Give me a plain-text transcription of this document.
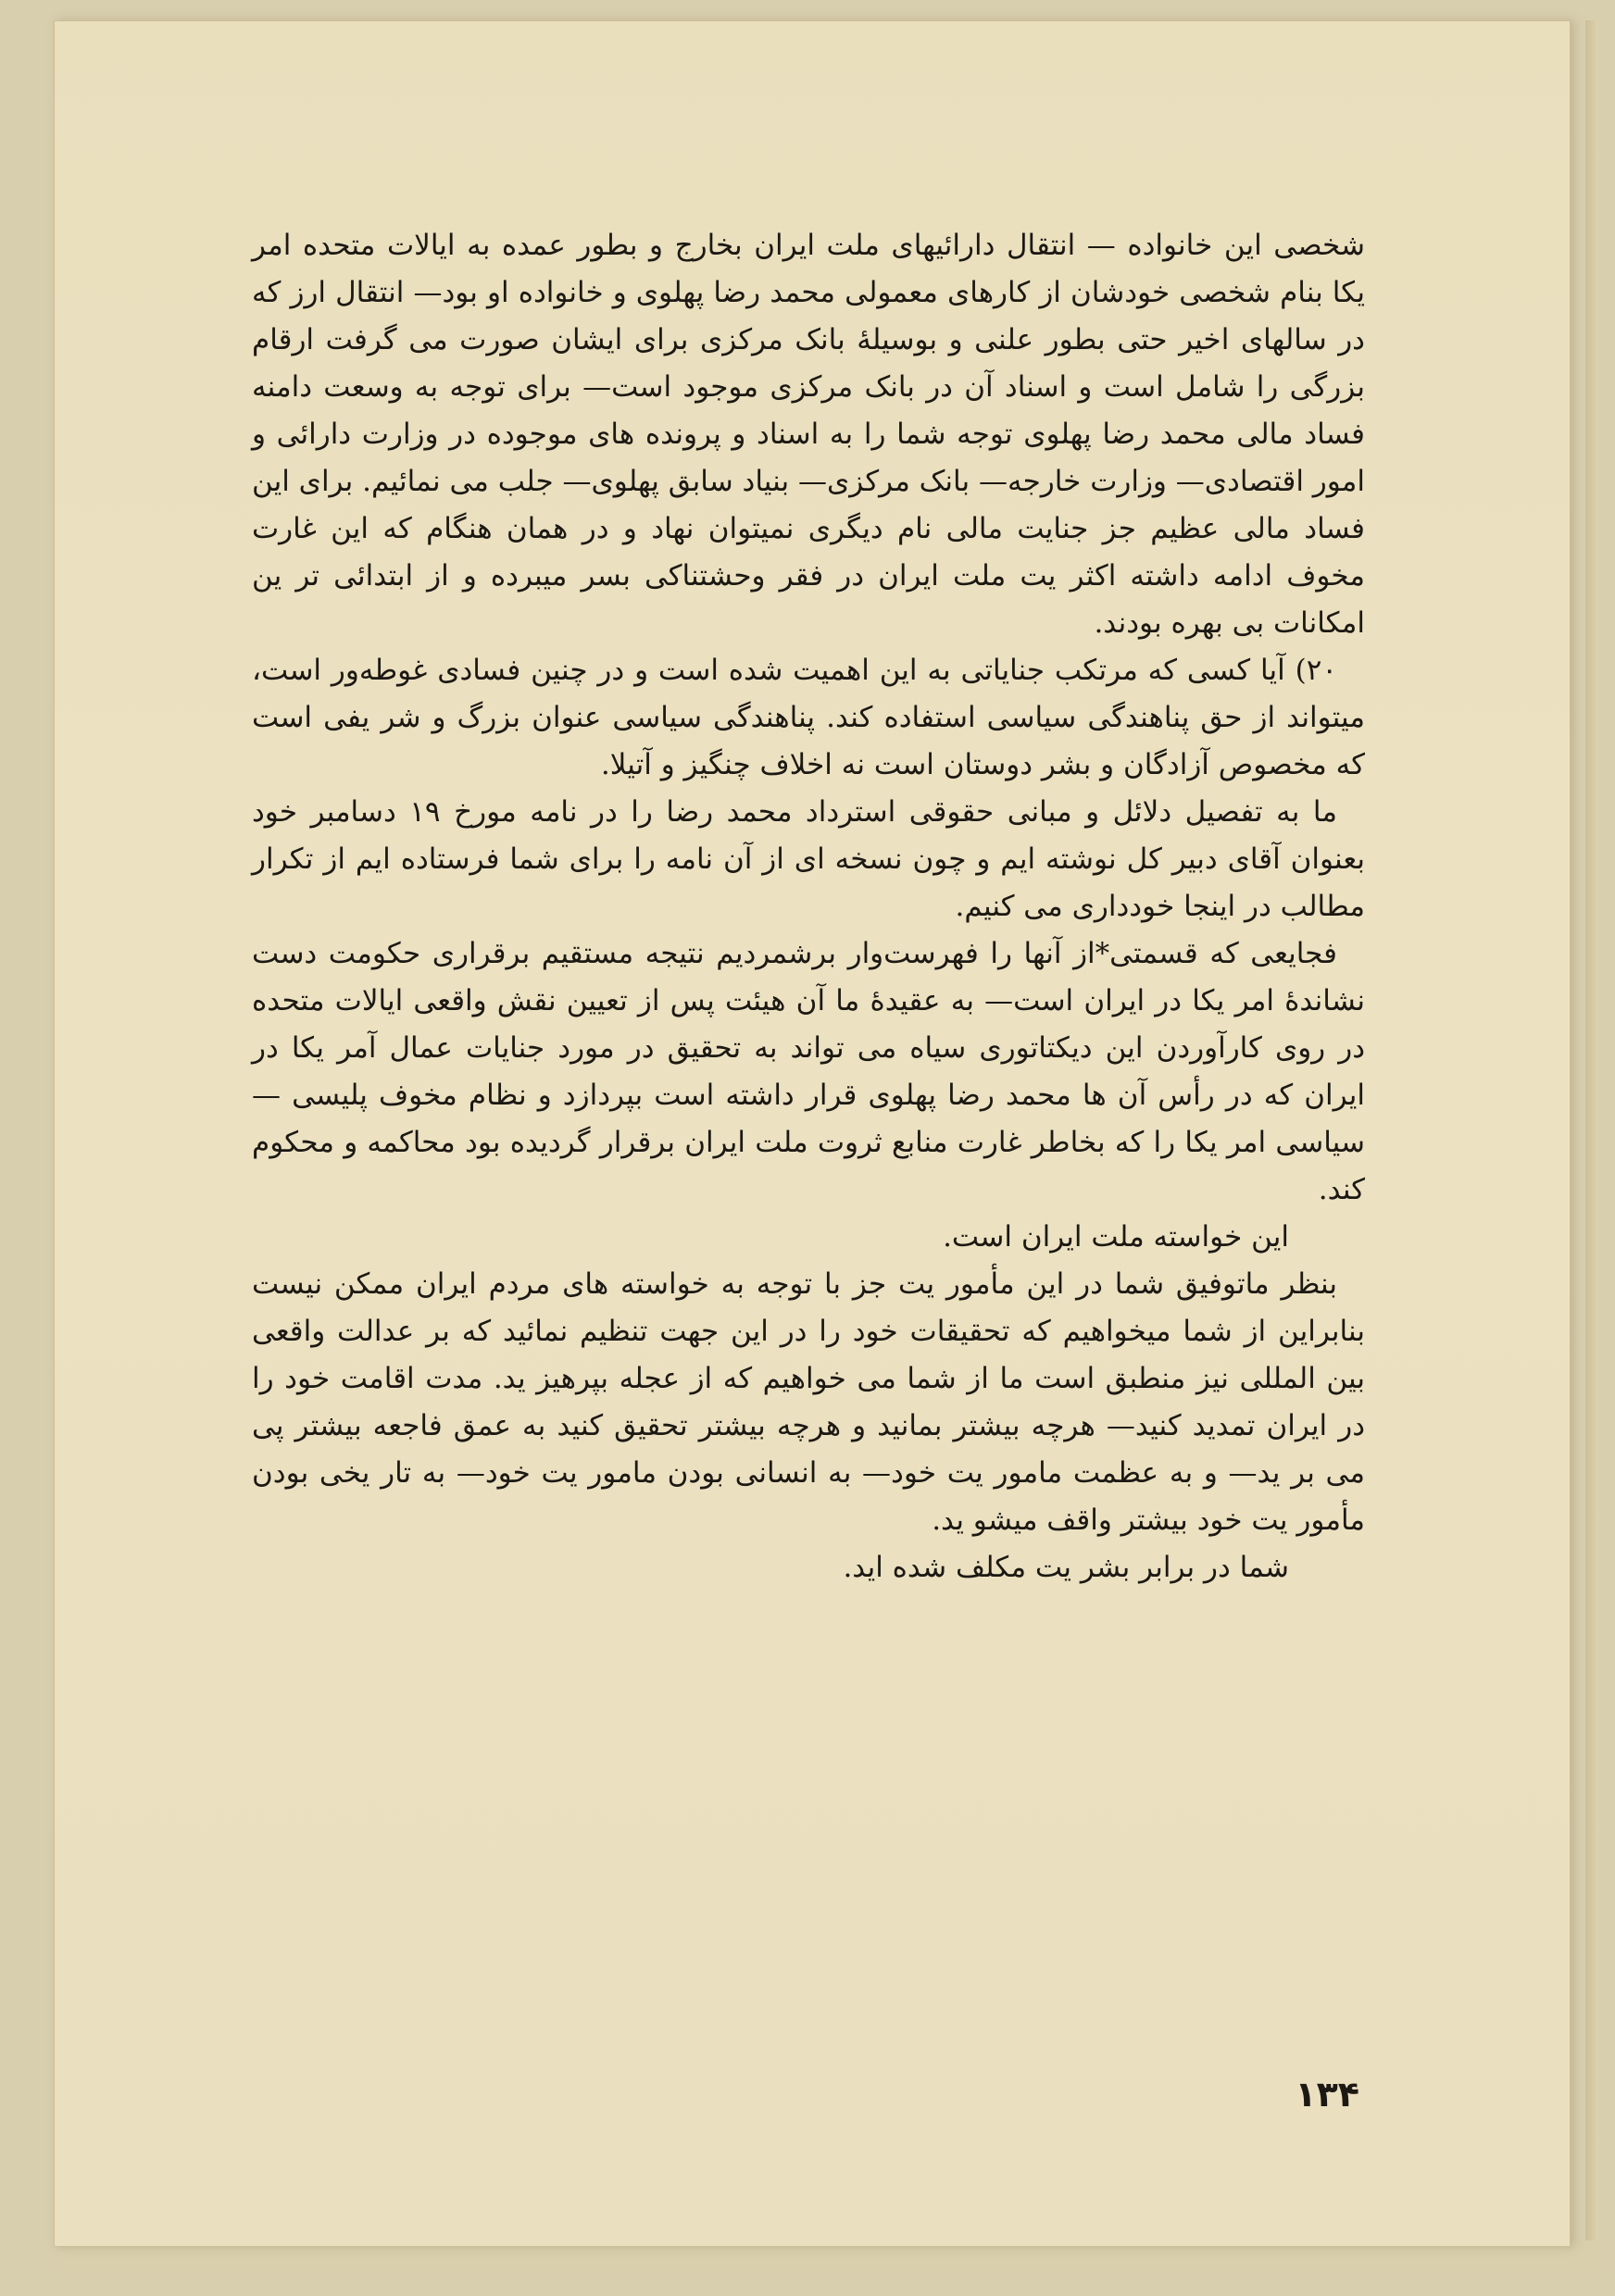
شخصی این خانواده — انتقال دارائیهای ملت ایران بخارج و بطور عمده به ایالات متحده امر یکا بنام شخصی خودشان از کارهای معمولی محمد رضا پهلوی و خانواده او بود— انتقال ارز که در سالهای اخیر حتی بطور علنی و بوسیلهٔ بانک مرکزی برای ایشان صورت می گرفت ارقام بزرگی را شامل است و اسناد آن در بانک مرکزی موجود است— برای توجه به وسعت دامنه فساد مالی محمد رضا پهلوی توجه شما را به اسناد و پرونده های موجوده در وزارت دارائی و امور اقتصادی— وزارت خارجه— بانک مرکزی— بنیاد سابق پهلوی— جلب می نمائیم. برای این فساد مالی عظیم جز جنایت مالی نام دیگری نمیتوان نهاد و در همان هنگام که این غارت مخوف ادامه داشته اکثر یت ملت ایران در فقر وحشتناکی بسر میبرده و از ابتدائی تر ین امکانات بی بهره بودند.

۲۰) آیا کسی که مرتکب جنایاتی به این اهمیت شده است و در چنین فسادی غوطه‌ور است، میتواند از حق پناهندگی سیاسی استفاده کند. پناهندگی سیاسی عنوان بزرگ و شر یفی است که مخصوص آزادگان و بشر دوستان است نه اخلاف چنگیز و آتیلا.

ما به تفصیل دلائل و مبانی حقوقی استرداد محمد رضا را در نامه مورخ ۱۹ دسامبر خود بعنوان آقای دبیر کل نوشته ایم و چون نسخه ای از آن نامه را برای شما فرستاده ایم از تکرار مطالب در اینجا خودداری می کنیم.

فجایعی که قسمتی*از آنها را فهرست‌وار برشمردیم نتیجه مستقیم برقراری حکومت دست نشاندهٔ امر یکا در ایران است— به عقیدهٔ ما آن هیئت پس از تعیین نقش واقعی ایالات متحده در روی کارآوردن این دیکتاتوری سیاه می تواند به تحقیق در مورد جنایات عمال آمر یکا در ایران که در رأس آن ها محمد رضا پهلوی قرار داشته است بپردازد و نظام مخوف پلیسی —سیاسی امر یکا را که بخاطر غارت منابع ثروت ملت ایران برقرار گردیده بود محاکمه و محکوم کند.

این خواسته ملت ایران است.

بنظر ماتوفیق شما در این مأمور یت جز با توجه به خواسته های مردم ایران ممکن نیست بنابراین از شما میخواهیم که تحقیقات خود را در این جهت تنظیم نمائید که بر عدالت واقعی بین المللی نیز منطبق است ما از شما می خواهیم که از عجله بپرهیز ید. مدت اقامت خود را در ایران تمدید کنید— هرچه بیشتر بمانید و هرچه بیشتر تحقیق کنید به عمق فاجعه بیشتر پی می بر ید— و به عظمت مامور یت خود— به انسانی بودن مامور یت خود— به تار یخی بودن مأمور یت خود بیشتر واقف میشو ید.

شما در برابر بشر یت مکلف شده اید.

۱۳۴
